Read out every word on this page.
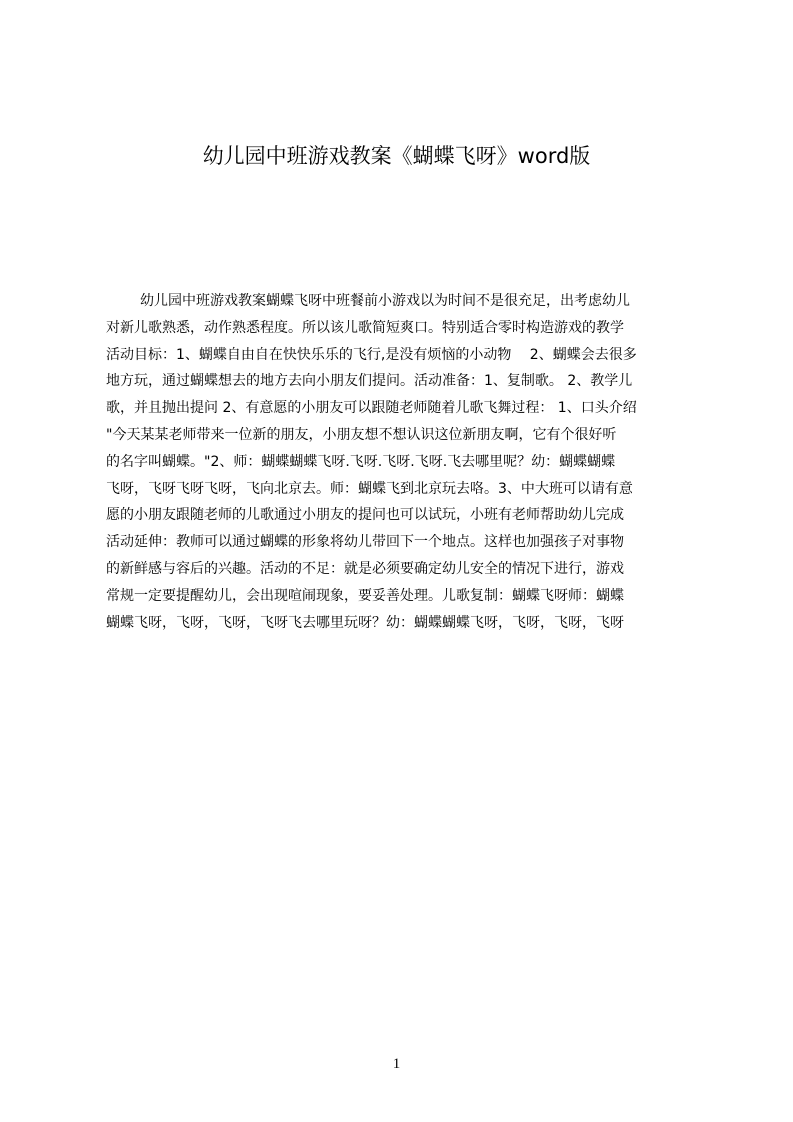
幼儿园中班游戏教案《蝴蝶飞呀》word版
幼儿园中班游戏教案蝴蝶飞呀中班餐前小游戏以为时间不是很充足，出考虑幼儿
对新儿歌熟悉，动作熟悉程度。所以该儿歌简短爽口。特别适合零时构造游戏的教学
活动目标：1、蝴蝶自由自在快快乐乐的飞行,是没有烦恼的小动物　 2、蝴蝶会去很多
地方玩，通过蝴蝶想去的地方去向小朋友们提问。活动准备：1、复制歌。 2、教学儿
歌，并且抛出提问 2、有意愿的小朋友可以跟随老师随着儿歌飞舞过程： 1、口头介绍
"今天某某老师带来一位新的朋友，小朋友想不想认识这位新朋友啊，它有个很好听
的名字叫蝴蝶。"2、师：蝴蝶蝴蝶飞呀.飞呀.飞呀.飞呀.飞去哪里呢？幼：蝴蝶蝴蝶
飞呀，飞呀飞呀飞呀，飞向北京去。师：蝴蝶飞到北京玩去咯。3、中大班可以请有意
愿的小朋友跟随老师的儿歌通过小朋友的提问也可以试玩，小班有老师帮助幼儿完成
活动延伸：教师可以通过蝴蝶的形象将幼儿带回下一个地点。这样也加强孩子对事物
的新鲜感与容后的兴趣。活动的不足：就是必须要确定幼儿安全的情况下进行，游戏
常规一定要提醒幼儿，会出现喧闹现象，要妥善处理。儿歌复制：蝴蝶飞呀师：蝴蝶
蝴蝶飞呀，飞呀，飞呀，飞呀飞去哪里玩呀？幼：蝴蝶蝴蝶飞呀，飞呀，飞呀，飞呀
1
